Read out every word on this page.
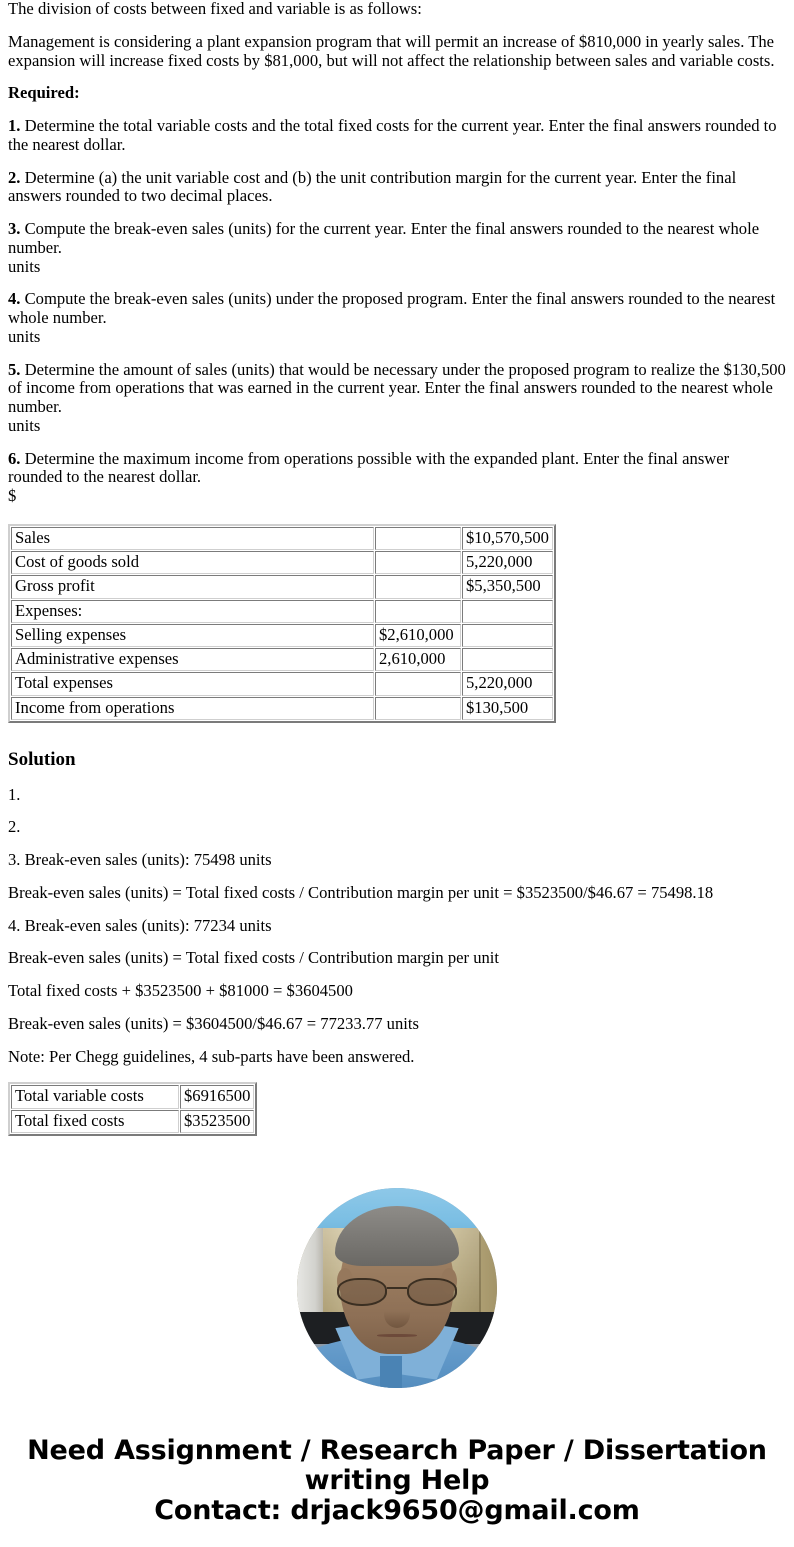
The division of costs between fixed and variable is as follows:

Management is considering a plant expansion program that will permit an increase of $810,000 in yearly sales. The expansion will increase fixed costs by $81,000, but will not affect the relationship between sales and variable costs.

Required:

1. Determine the total variable costs and the total fixed costs for the current year. Enter the final answers rounded to the nearest dollar.

2. Determine (a) the unit variable cost and (b) the unit contribution margin for the current year. Enter the final answers rounded to two decimal places.

3. Compute the break-even sales (units) for the current year. Enter the final answers rounded to the nearest whole number.

units

4. Compute the break-even sales (units) under the proposed program. Enter the final answers rounded to the nearest whole number.

units

5. Determine the amount of sales (units) that would be necessary under the proposed program to realize the $130,500 of income from operations that was earned in the current year. Enter the final answers rounded to the nearest whole number.

units

6. Determine the maximum income from operations possible with the expanded plant. Enter the final answer rounded to the nearest dollar.

$
Sales		$10,570,500
Cost of goods sold		5,220,000
Gross profit		$5,350,500
Expenses:		
Selling expenses	$2,610,000	
Administrative expenses	2,610,000	
Total expenses		5,220,000
Income from operations		$130,500
Solution

1.

2.

3. Break-even sales (units): 75498 units

Break-even sales (units) = Total fixed costs / Contribution margin per unit = $3523500/$46.67 = 75498.18

4. Break-even sales (units): 77234 units

Break-even sales (units) = Total fixed costs / Contribution margin per unit

Total fixed costs + $3523500 + $81000 = $3604500

Break-even sales (units) = $3604500/$46.67 = 77233.77 units

Note: Per Chegg guidelines, 4 sub-parts have been answered.

Total variable costs	$6916500
Total fixed costs	$3523500
Need Assignment / Research Paper / Dissertation writing Help
Contact: drjack9650@gmail.com
